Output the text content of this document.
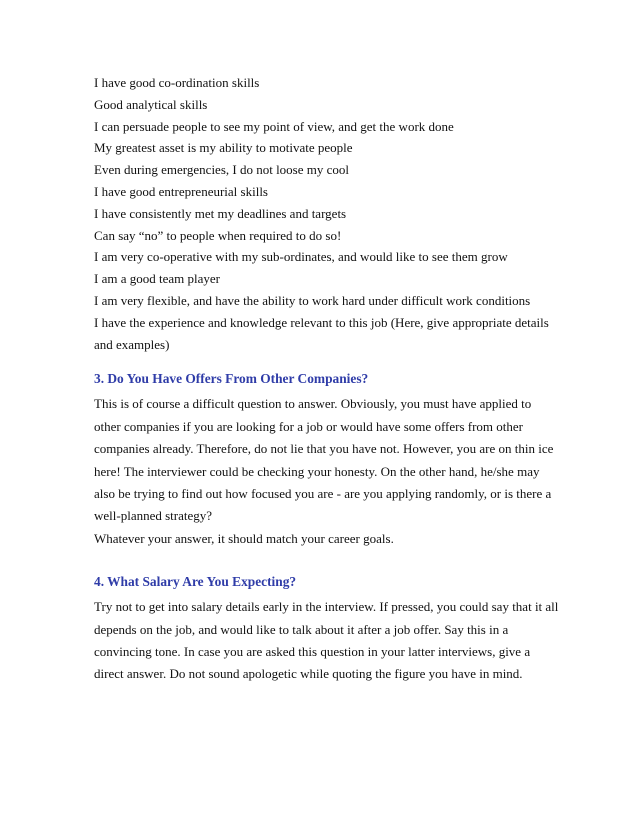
I have good co-ordination skills
Good analytical skills
I can persuade people to see my point of view, and get the work done
My greatest asset is my ability to motivate people
Even during emergencies, I do not loose my cool
I have good entrepreneurial skills
I have consistently met my deadlines and targets
Can say “no” to people when required to do so!
I am very co-operative with my sub-ordinates, and would like to see them grow
I am a good team player
I am very flexible, and have the ability to work hard under difficult work conditions
I have the experience and knowledge relevant to this job (Here, give appropriate details
and examples)
3. Do You Have Offers From Other Companies?
This is of course a difficult question to answer. Obviously, you must have applied to
other companies if you are looking for a job or would have some offers from other
companies already. Therefore, do not lie that you have not. However, you are on thin ice
here! The interviewer could be checking your honesty. On the other hand, he/she may
also be trying to find out how focused you are - are you applying randomly, or is there a
well-planned strategy?
Whatever your answer, it should match your career goals.
4. What Salary Are You Expecting?
Try not to get into salary details early in the interview. If pressed, you could say that it all
depends on the job, and would like to talk about it after a job offer. Say this in a
convincing tone. In case you are asked this question in your latter interviews, give a
direct answer. Do not sound apologetic while quoting the figure you have in mind.
